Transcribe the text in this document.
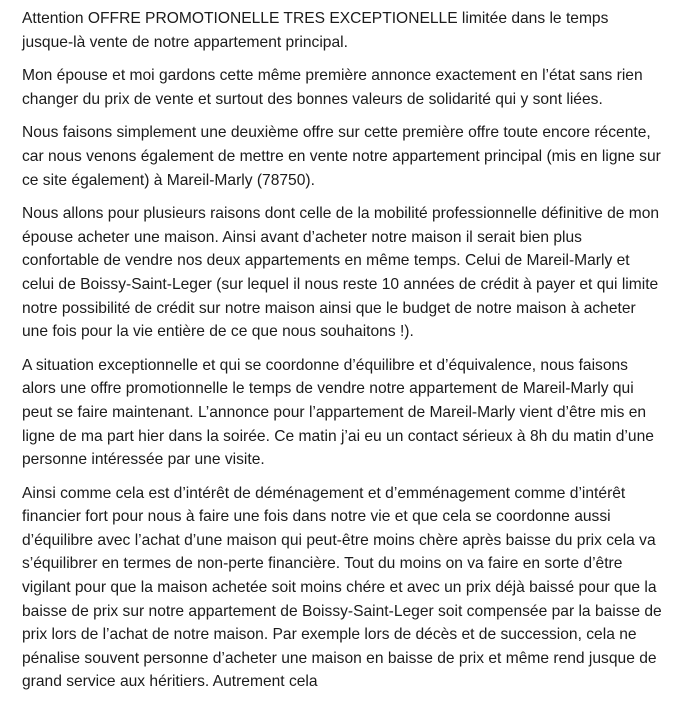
Attention OFFRE PROMOTIONELLE TRES EXCEPTIONELLE limitée dans le temps jusque-là vente de notre appartement principal.

Mon épouse et moi gardons cette même première annonce exactement en l’état sans rien changer du prix de vente et surtout des bonnes valeurs de solidarité qui y sont liées.

Nous faisons simplement une deuxième offre sur cette première offre toute encore récente, car nous venons également de mettre en vente notre appartement principal (mis en ligne sur ce site également) à Mareil-Marly (78750).

Nous allons pour plusieurs raisons dont celle de la mobilité professionnelle définitive de mon épouse acheter une maison. Ainsi avant d’acheter notre maison il serait bien plus confortable de vendre nos deux appartements en même temps. Celui de Mareil-Marly et celui de Boissy-Saint-Leger (sur lequel il nous reste 10 années de crédit à payer et qui limite notre possibilité de crédit sur notre maison ainsi que le budget de notre maison à acheter une fois pour la vie entière de ce que nous souhaitons !).

A situation exceptionnelle et qui se coordonne d’équilibre et d’équivalence, nous faisons alors une offre promotionnelle le temps de vendre notre appartement de Mareil-Marly qui peut se faire maintenant. L’annonce pour l’appartement de Mareil-Marly vient d’être mis en ligne de ma part hier dans la soirée. Ce matin j’ai eu un contact sérieux à 8h du matin d’une personne intéressée par une visite.

Ainsi comme cela est d’intérêt de déménagement et d’emménagement comme d’intérêt financier fort pour nous à faire une fois dans notre vie et que cela se coordonne aussi d’équilibre avec l’achat d’une maison qui peut-être moins chère après baisse du prix cela va s’équilibrer en termes de non-perte financière. Tout du moins on va faire en sorte d’être vigilant pour que la maison achetée soit moins chére et avec un prix déjà baissé pour que la baisse de prix sur notre appartement de Boissy-Saint-Leger soit compensée par la baisse de prix lors de l’achat de notre maison. Par exemple lors de décès et de succession, cela ne pénalise souvent personne d’acheter une maison en baisse de prix et même rend jusque de grand service aux héritiers. Autrement cela
